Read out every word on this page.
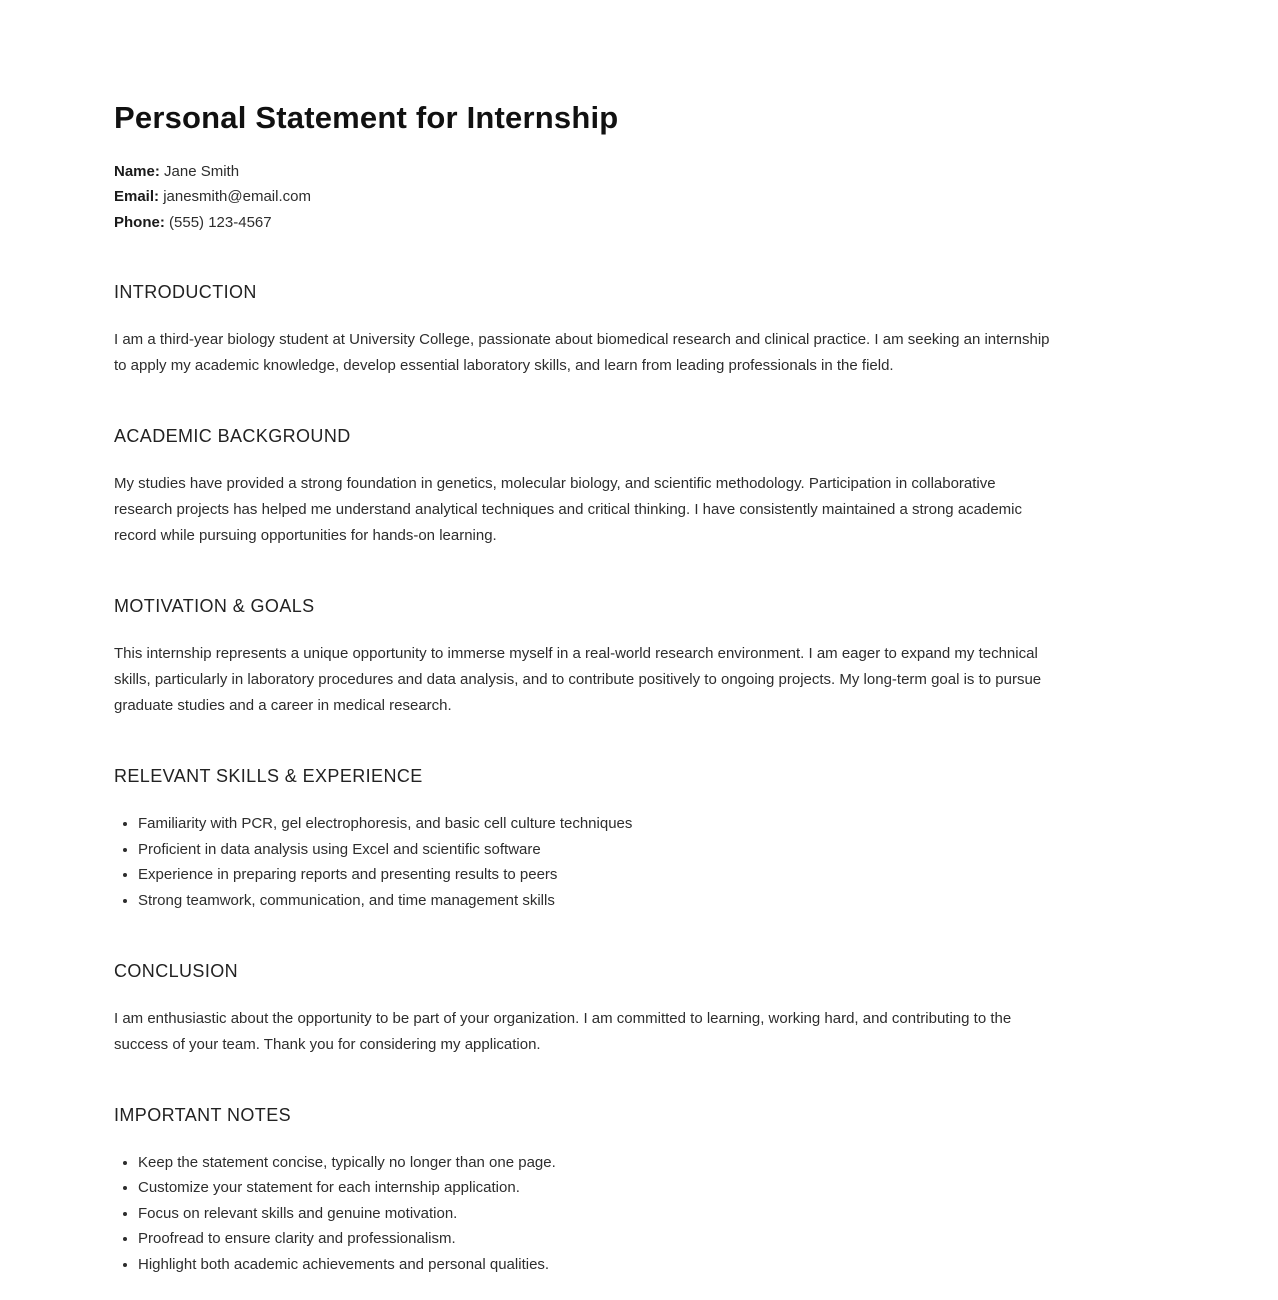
Personal Statement for Internship
Name: Jane Smith
Email: janesmith@email.com
Phone: (555) 123-4567
INTRODUCTION

I am a third-year biology student at University College, passionate about biomedical research and clinical practice. I am seeking an internship to apply my academic knowledge, develop essential laboratory skills, and learn from leading professionals in the field.

ACADEMIC BACKGROUND

My studies have provided a strong foundation in genetics, molecular biology, and scientific methodology. Participation in collaborative research projects has helped me understand analytical techniques and critical thinking. I have consistently maintained a strong academic record while pursuing opportunities for hands-on learning.

MOTIVATION & GOALS

This internship represents a unique opportunity to immerse myself in a real-world research environment. I am eager to expand my technical skills, particularly in laboratory procedures and data analysis, and to contribute positively to ongoing projects. My long-term goal is to pursue graduate studies and a career in medical research.

RELEVANT SKILLS & EXPERIENCE
• Familiarity with PCR, gel electrophoresis, and basic cell culture techniques
• Proficient in data analysis using Excel and scientific software
• Experience in preparing reports and presenting results to peers
• Strong teamwork, communication, and time management skills
CONCLUSION

I am enthusiastic about the opportunity to be part of your organization. I am committed to learning, working hard, and contributing to the success of your team. Thank you for considering my application.

IMPORTANT NOTES
• Keep the statement concise, typically no longer than one page.
• Customize your statement for each internship application.
• Focus on relevant skills and genuine motivation.
• Proofread to ensure clarity and professionalism.
• Highlight both academic achievements and personal qualities.
